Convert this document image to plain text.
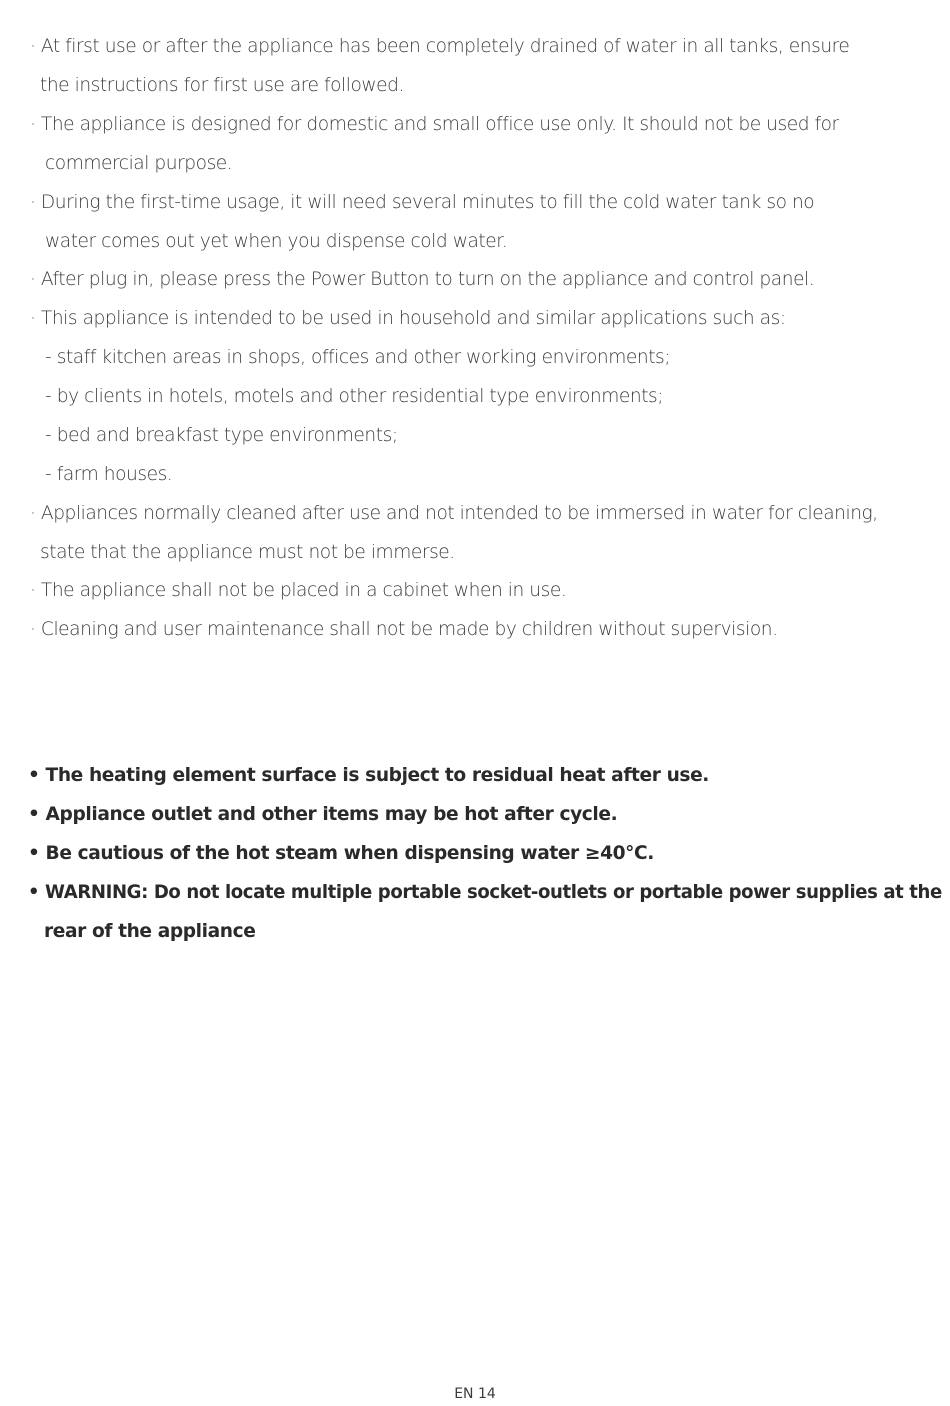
· At first use or after the appliance has been completely drained of water in all tanks, ensure
the instructions for first use are followed.
· The appliance is designed for domestic and small office use only. It should not be used for
commercial purpose.
· During the first-time usage, it will need several minutes to fill the cold water tank so no
water comes out yet when you dispense cold water.
· After plug in, please press the Power Button to turn on the appliance and control panel.
· This appliance is intended to be used in household and similar applications such as:
- staff kitchen areas in shops, offices and other working environments;
- by clients in hotels, motels and other residential type environments;
- bed and breakfast type environments;
- farm houses.
· Appliances normally cleaned after use and not intended to be immersed in water for cleaning,
state that the appliance must not be immerse.
· The appliance shall not be placed in a cabinet when in use.
· Cleaning and user maintenance shall not be made by children without supervision.
• The heating element surface is subject to residual heat after use.
• Appliance outlet and other items may be hot after cycle.
• Be cautious of the hot steam when dispensing water ≥40℃.
• WARNING: Do not locate multiple portable socket-outlets or portable power supplies at the
rear of the appliance
EN 14
